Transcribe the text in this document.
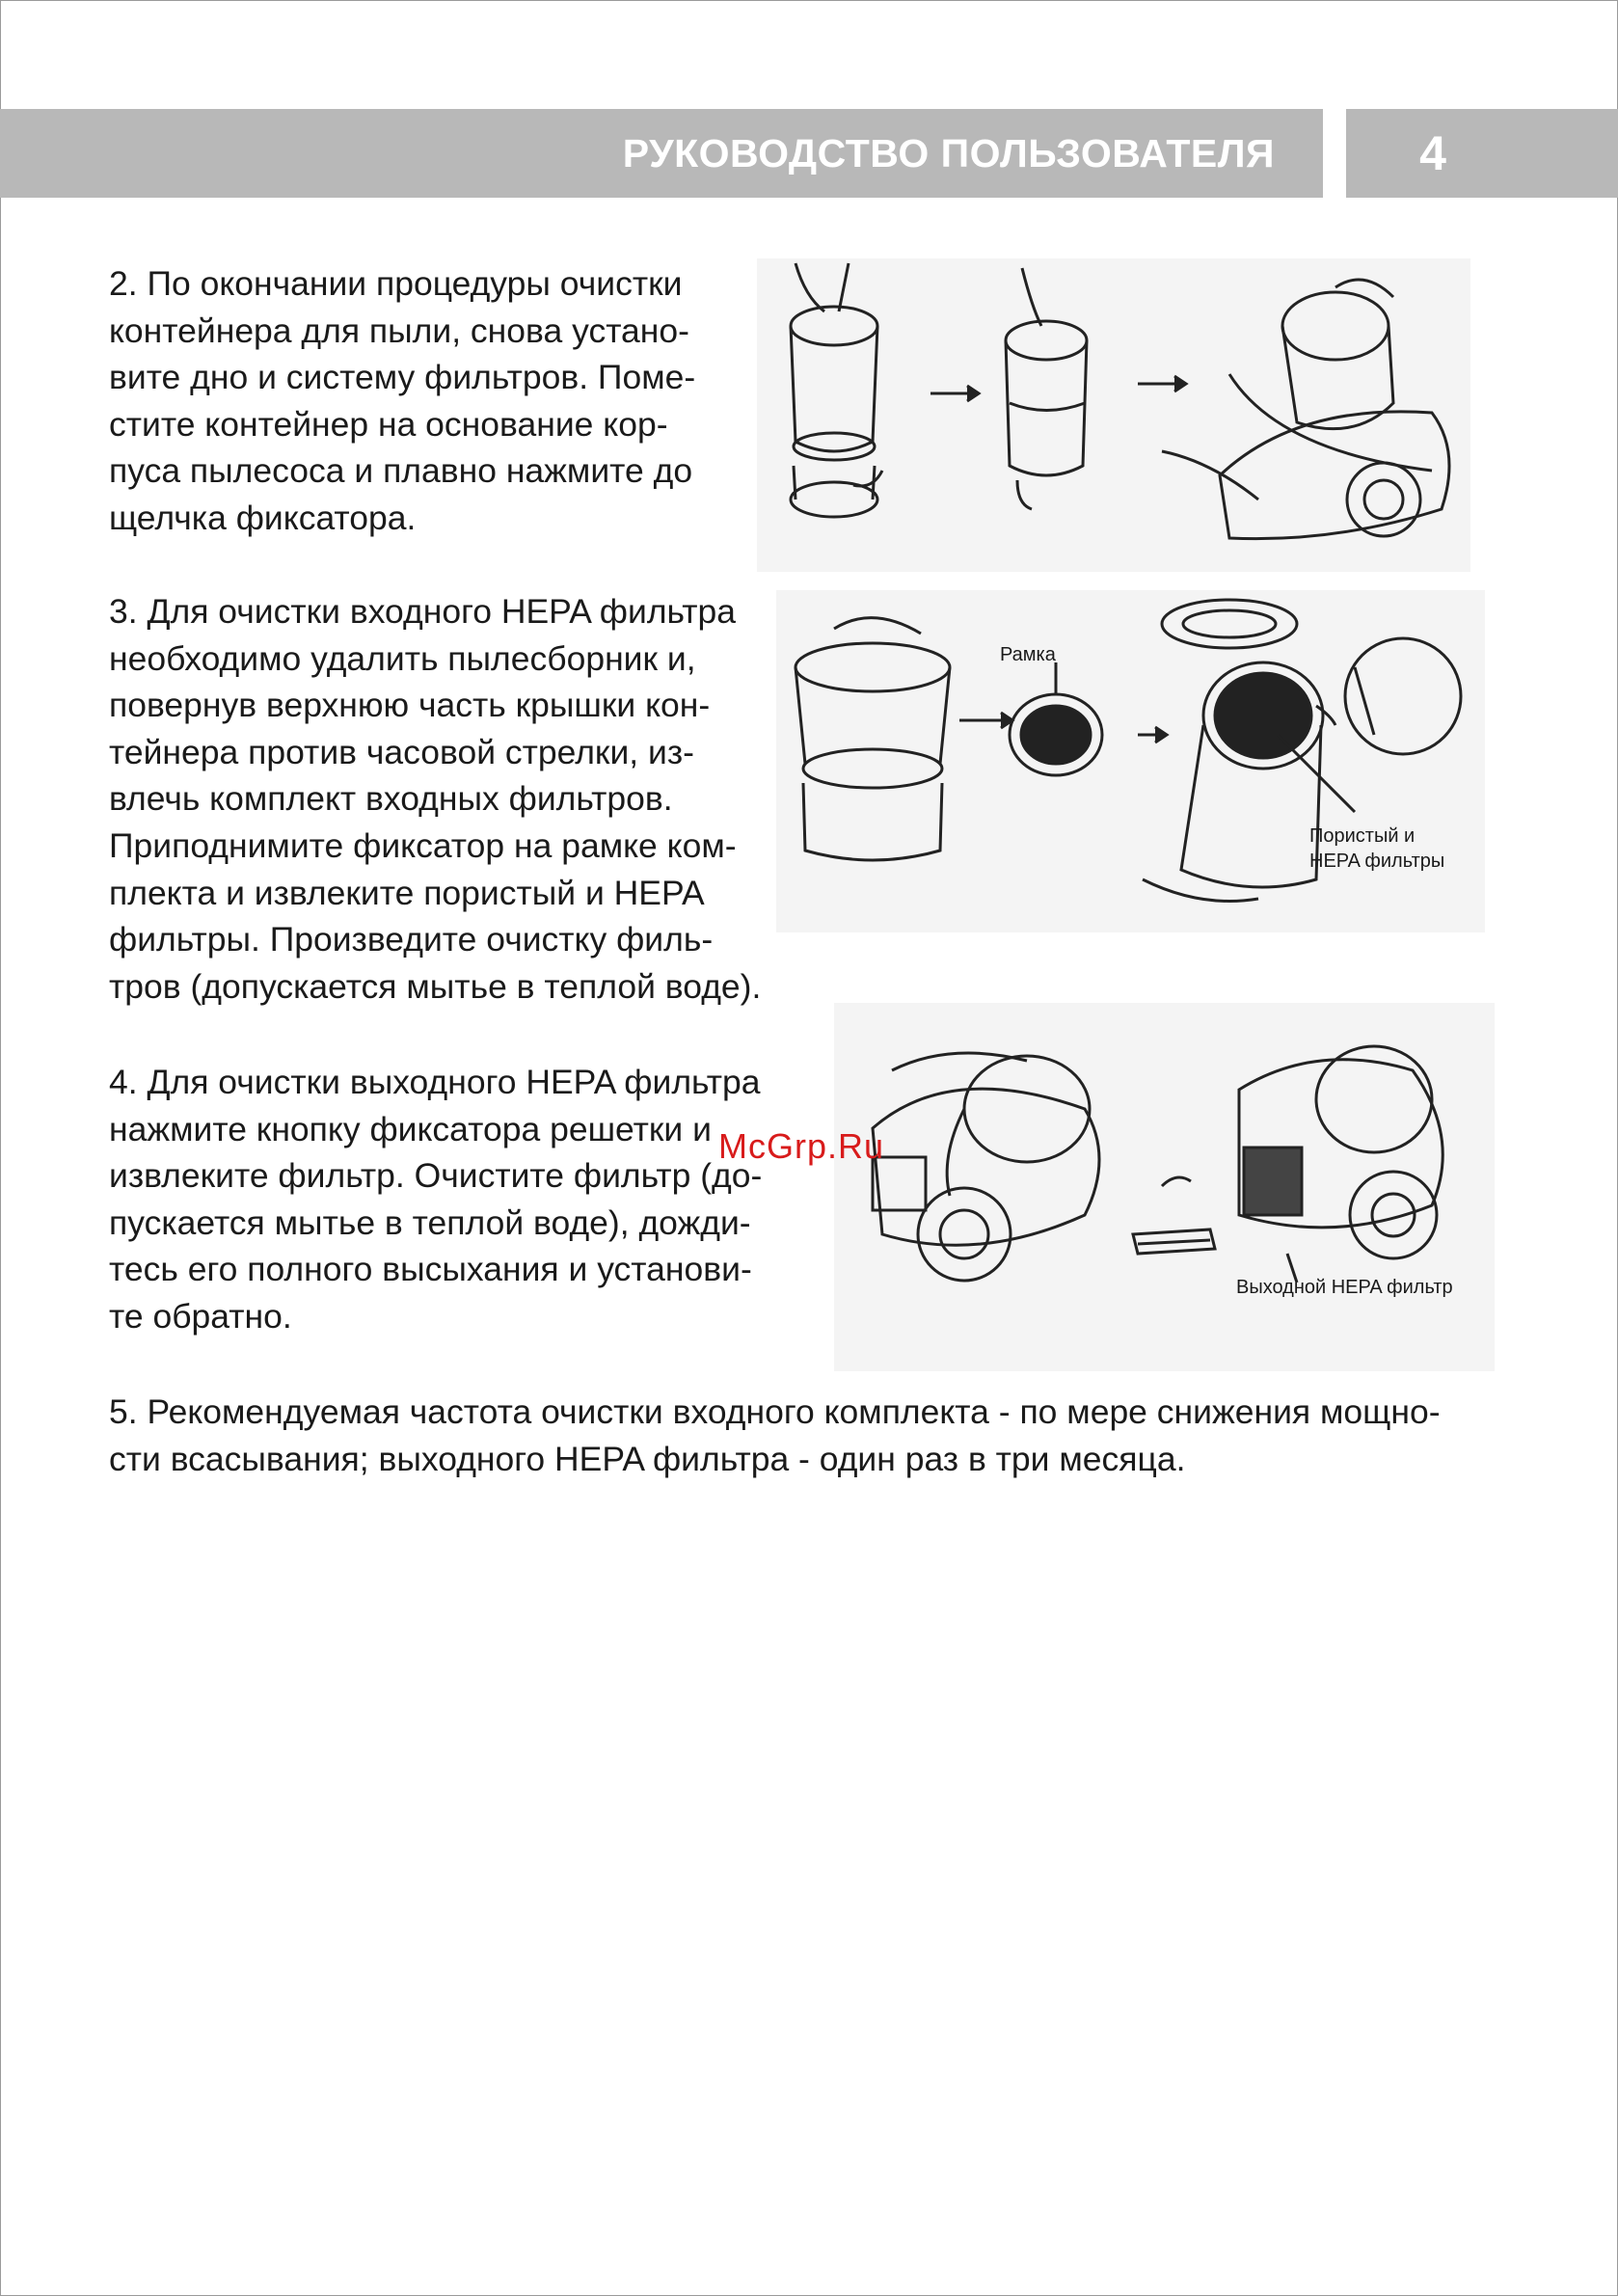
РУКОВОДСТВО ПОЛЬЗОВАТЕЛЯ	4
2. По окончании процедуры очистки
контейнера для пыли, снова устано-
вите дно и систему фильтров. Поме-
стите контейнер на основание кор-
пуса пылесоса и плавно нажмите до
щелчка фиксатора.
3. Для очистки входного HEPA фильтра
необходимо удалить пылесборник и,
повернув верхнюю часть крышки кон-
тейнера против часовой стрелки, из-
влечь комплект входных фильтров.
Приподнимите фиксатор на рамке ком-
плекта и извлеките пористый и HEPA
фильтры. Произведите очистку филь-
тров (допускается мытье в теплой воде).
Рамка
Пористый и
HEPA фильтры
4. Для очистки выходного HEPA фильтра
нажмите кнопку фиксатора решетки и
извлеките фильтр. Очистите фильтр (до-
пускается мытье в теплой воде), дожди-
тесь его полного высыхания и установи-
те обратно.
Выходной HEPA фильтр
McGrp.Ru
5. Рекомендуемая частота очистки входного комплекта - по мере снижения мощно-
сти всасывания; выходного HEPA фильтра - один раз в три месяца.
